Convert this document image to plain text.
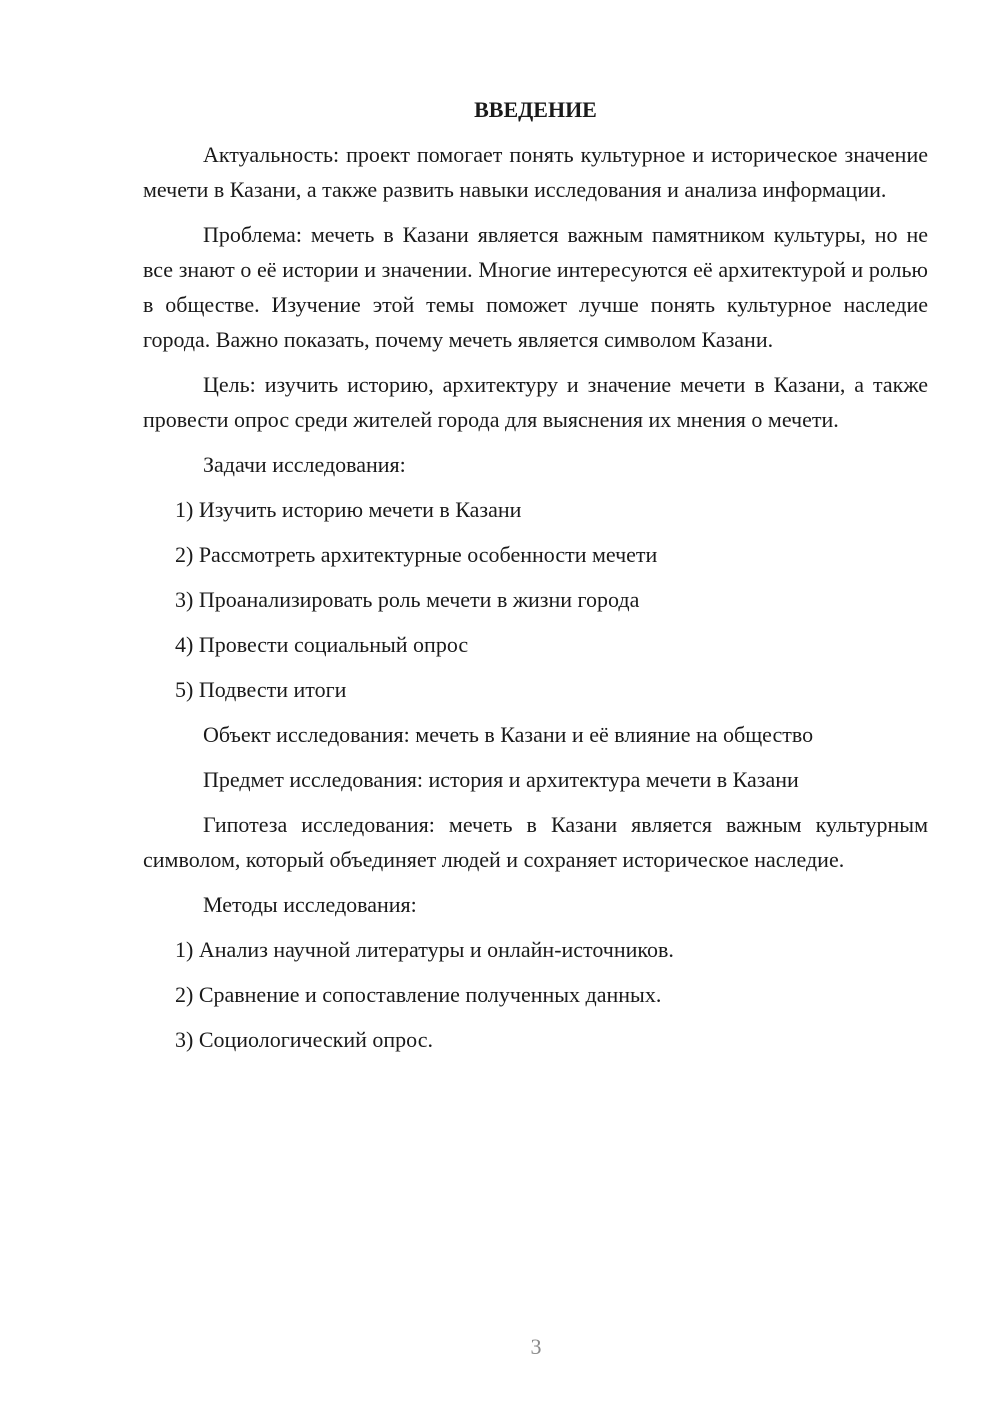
ВВЕДЕНИЕ

Актуальность: проект помогает понять культурное и историческое значение мечети в Казани, а также развить навыки исследования и анализа информации.

Проблема: мечеть в Казани является важным памятником культуры, но не все знают о её истории и значении. Многие интересуются её архитектурой и ролью в обществе. Изучение этой темы поможет лучше понять культурное наследие города. Важно показать, почему мечеть является символом Казани.

Цель: изучить историю, архитектуру и значение мечети в Казани, а также провести опрос среди жителей города для выяснения их мнения о мечети.

Задачи исследования:
1) Изучить историю мечети в Казани
2) Рассмотреть архитектурные особенности мечети
3) Проанализировать роль мечети в жизни города
4) Провести социальный опрос
5) Подвести итоги
Объект исследования: мечеть в Казани и её влияние на общество
Предмет исследования: история и архитектура мечети в Казани

Гипотеза исследования: мечеть в Казани является важным культурным символом, который объединяет людей и сохраняет историческое наследие.

Методы исследования:
1) Анализ научной литературы и онлайн-источников.
2) Сравнение и сопоставление полученных данных.
3) Социологический опрос.
3
